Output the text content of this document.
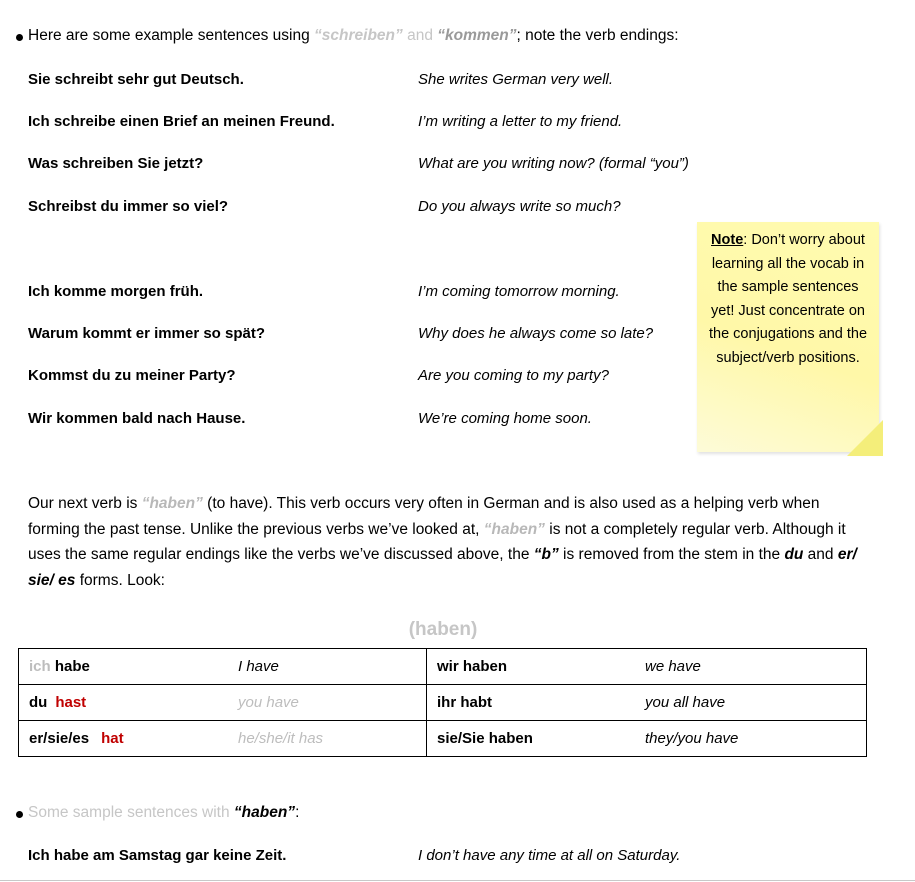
Here are some example sentences using “schreiben” and “kommen”; note the verb endings:
Sie schreibt sehr gut Deutsch.	She writes German very well.
Ich schreibe einen Brief an meinen Freund.	I’m writing a letter to my friend.
Was schreiben Sie jetzt?	What are you writing now? (formal “you”)
Schreibst du immer so viel?	Do you always write so much?
Ich komme morgen früh.	I’m coming tomorrow morning.
Warum kommt er immer so spät?	Why does he always come so late?
Kommst du zu meiner Party?	Are you coming to my party?
Wir kommen bald nach Hause.	We’re coming home soon.
Note: Don’t worry about learning all the vocab in the sample sentences yet! Just concentrate on the conjugations and the subject/verb positions.
Our next verb is “haben” (to have). This verb occurs very often in German and is also used as a helping verb when forming the past tense. Unlike the previous verbs we’ve looked at, “haben” is not a completely regular verb. Although it uses the same regular endings like the verbs we’ve discussed above, the “b” is removed from the stem in the du and er/ sie/ es forms. Look:
(haben)
ich habe	I have	wir haben	we have
du hast	you have	ihr habt	you all have
er/sie/es hat	he/she/it has	sie/Sie haben	they/you have
Some sample sentences with “haben”:
Ich habe am Samstag gar keine Zeit.	I don’t have any time at all on Saturday.
